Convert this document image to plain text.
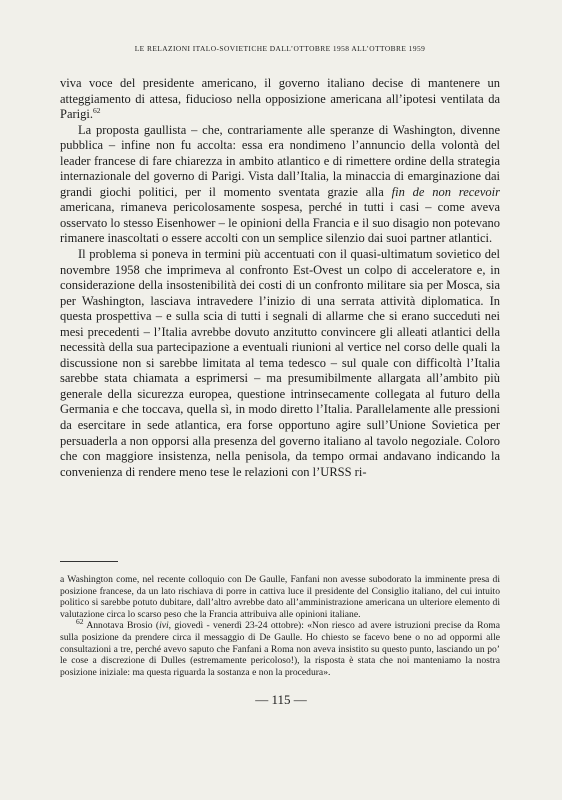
LE RELAZIONI ITALO-SOVIETICHE DALL’OTTOBRE 1958 ALL’OTTOBRE 1959

viva voce del presidente americano, il governo italiano decise di mantenere un atteggiamento di attesa, fiducioso nella opposizione americana all’ipotesi ventilata da Parigi.$^{62}$

La proposta gaullista – che, contrariamente alle speranze di Washington, divenne pubblica – infine non fu accolta: essa era nondimeno l’annuncio della volontà del leader francese di fare chiarezza in ambito atlantico e di rimettere ordine della strategia internazionale del governo di Parigi. Vista dall’Italia, la minaccia di emarginazione dai grandi giochi politici, per il momento sventata grazie alla fin de non recevoir americana, rimaneva pericolosamente sospesa, perché in tutti i casi – come aveva osservato lo stesso Eisenhower – le opinioni della Francia e il suo disagio non potevano rimanere inascoltati o essere accolti con un semplice silenzio dai suoi partner atlantici.

Il problema si poneva in termini più accentuati con il quasi-ultimatum sovietico del novembre 1958 che imprimeva al confronto Est-Ovest un colpo di acceleratore e, in considerazione della insostenibilità dei costi di un confronto militare sia per Mosca, sia per Washington, lasciava intravedere l’inizio di una serrata attività diplomatica. In questa prospettiva – e sulla scia di tutti i segnali di allarme che si erano succeduti nei mesi precedenti – l’Italia avrebbe dovuto anzitutto convincere gli alleati atlantici della necessità della sua partecipazione a eventuali riunioni al vertice nel corso delle quali la discussione non si sarebbe limitata al tema tedesco – sul quale con difficoltà l’Italia sarebbe stata chiamata a esprimersi – ma presumibilmente allargata all’ambito più generale della sicurezza europea, questione intrinsecamente collegata al futuro della Germania e che toccava, quella sì, in modo diretto l’Italia. Parallelamente alle pressioni da esercitare in sede atlantica, era forse opportuno agire sull’Unione Sovietica per persuaderla a non opporsi alla presenza del governo italiano al tavolo negoziale. Coloro che con maggiore insistenza, nella penisola, da tempo ormai andavano indicando la convenienza di rendere meno tese le relazioni con l’URSS ri-

a Washington come, nel recente colloquio con De Gaulle, Fanfani non avesse subodorato la imminente presa di posizione francese, da un lato rischiava di porre in cattiva luce il presidente del Consiglio italiano, del cui intuito politico si sarebbe potuto dubitare, dall’altro avrebbe dato all’amministrazione americana un ulteriore elemento di valutazione circa lo scarso peso che la Francia attribuiva alle opinioni italiane.

$^{62}$ Annotava Brosio (ivi, giovedì - venerdì 23-24 ottobre): «Non riesco ad avere istruzioni precise da Roma sulla posizione da prendere circa il messaggio di De Gaulle. Ho chiesto se facevo bene o no ad oppormi alle consultazioni a tre, perché avevo saputo che Fanfani a Roma non aveva insistito su questo punto, lasciando un po’ le cose a discrezione di Dulles (estremamente pericoloso!), la risposta è stata che noi manteniamo la nostra posizione iniziale: ma questa riguarda la sostanza e non la procedura».

— 115 —
